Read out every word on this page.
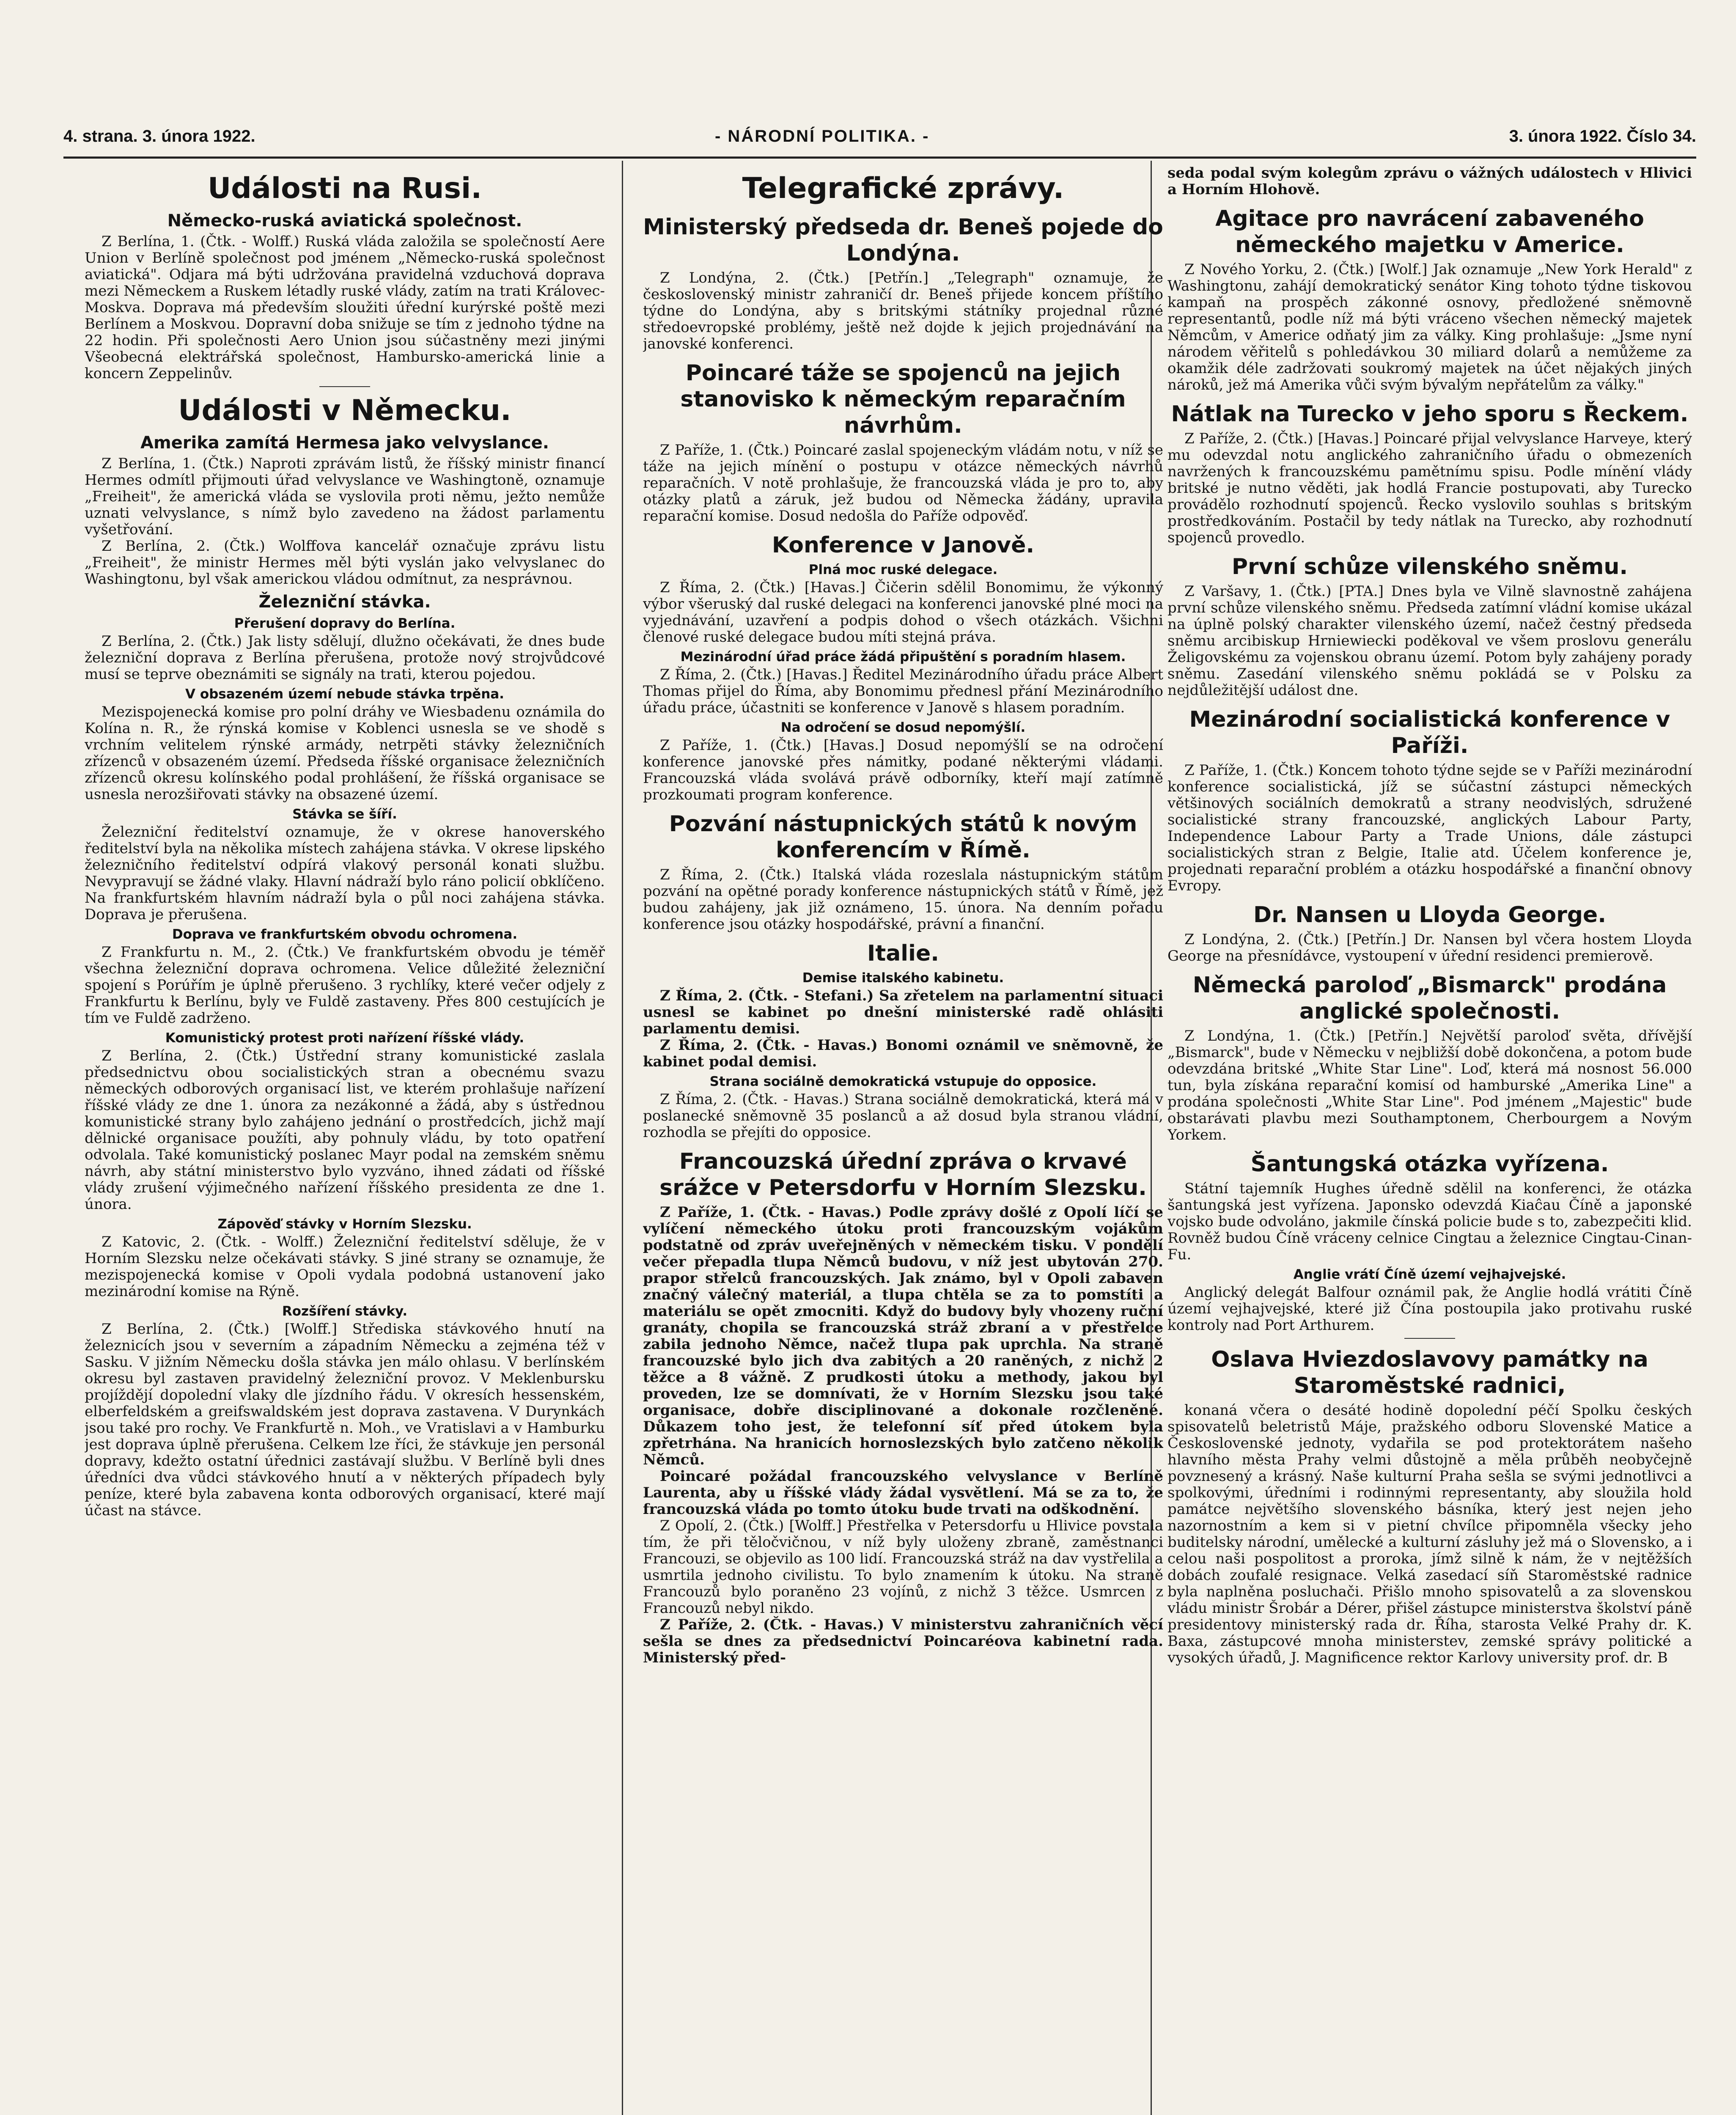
4. strana. 3. února 1922.	- NÁRODNÍ POLITIKA. -	3. února 1922. Číslo 34.
Události na Rusi.
Německo-ruská aviatická společnost.

Z Berlína, 1. (Čtk. - Wolff.) Ruská vláda založila se společností Aere Union v Berlíně společnost pod jménem „Německo-ruská společnost aviatická". Odjara má býti udržována pravidelná vzduchová doprava mezi Německem a Ruskem létadly ruské vlády, zatím na trati Královec-Moskva. Doprava má především sloužiti úřední kurýrské poště mezi Berlínem a Moskvou. Dopravní doba snižuje se tím z jednoho týdne na 22 hodin. Při společnosti Aero Union jsou súčastněny mezi jinými Všeobecná elektrářská společnost, Hambursko-americká linie a koncern Zeppelinův.

Události v Německu.
Amerika zamítá Hermesa jako velvyslance.

Z Berlína, 1. (Čtk.) Naproti zprávám listů, že říšský ministr financí Hermes odmítl přijmouti úřad velvyslance ve Washingtoně, oznamuje „Freiheit", že americká vláda se vyslovila proti němu, ježto nemůže uznati velvyslance, s nímž bylo zavedeno na žádost parlamentu vyšetřování.

Z Berlína, 2. (Čtk.) Wolffova kancelář označuje zprávu listu „Freiheit", že ministr Hermes měl býti vyslán jako velvyslanec do Washingtonu, byl však americkou vládou odmítnut, za nesprávnou.

Železniční stávka.
Přerušení dopravy do Berlína.

Z Berlína, 2. (Čtk.) Jak listy sdělují, dlužno očekávati, že dnes bude železniční doprava z Berlína přerušena, protože nový strojvůdcové musí se teprve obeznámiti se signály na trati, kterou pojedou.

V obsazeném území nebude stávka trpěna.

Mezispojenecká komise pro polní dráhy ve Wiesbadenu oznámila do Kolína n. R., že rýnská komise v Koblenci usnesla se ve shodě s vrchním velitelem rýnské armády, netrpěti stávky železničních zřízenců v obsazeném území. Předseda říšské organisace železničních zřízenců okresu kolínského podal prohlášení, že říšská organisace se usnesla nerozšiřovati stávky na obsazené území.

Stávka se šíří.

Železniční ředitelství oznamuje, že v okrese hanoverského ředitelství byla na několika místech zahájena stávka. V okrese lipského železničního ředitelství odpírá vlakový personál konati službu. Nevypravují se žádné vlaky. Hlavní nádraží bylo ráno policií obklíčeno. Na frankfurtském hlavním nádraží byla o půl noci zahájena stávka. Doprava je přerušena.

Doprava ve frankfurtském obvodu ochromena.

Z Frankfurtu n. M., 2. (Čtk.) Ve frankfurtském obvodu je téměř všechna železniční doprava ochromena. Velice důležité železniční spojení s Porúřím je úplně přerušeno. 3 rychlíky, které večer odjely z Frankfurtu k Berlínu, byly ve Fuldě zastaveny. Přes 800 cestujících je tím ve Fuldě zadrženo.

Komunistický protest proti nařízení říšské vlády.

Z Berlína, 2. (Čtk.) Ústřední strany komunistické zaslala předsednictvu obou socialistických stran a obecnému svazu německých odborových organisací list, ve kterém prohlašuje nařízení říšské vlády ze dne 1. února za nezákonné a žádá, aby s ústřednou komunistické strany bylo zahájeno jednání o prostředcích, jichž mají dělnické organisace použíti, aby pohnuly vládu, by toto opatření odvolala. Také komunistický poslanec Mayr podal na zemském sněmu návrh, aby státní ministerstvo bylo vyzváno, ihned zádati od říšské vlády zrušení výjimečného nařízení říšského presidenta ze dne 1. února.

Zápověď stávky v Horním Slezsku.

Z Katovic, 2. (Čtk. - Wolff.) Železniční ředitelství sděluje, že v Horním Slezsku nelze očekávati stávky. S jiné strany se oznamuje, že mezispojenecká komise v Opoli vydala podobná ustanovení jako mezinárodní komise na Rýně.

Rozšíření stávky.

Z Berlína, 2. (Čtk.) [Wolff.] Střediska stávkového hnutí na železnicích jsou v severním a západním Německu a zejména též v Sasku. V jižním Německu došla stávka jen málo ohlasu. V berlínském okresu byl zastaven pravidelný železniční provoz. V Meklenbursku projíždějí dopolední vlaky dle jízdního řádu. V okresích hessenském, elberfeldském a greifswaldském jest doprava zastavena. V Durynkách jsou také pro rochy. Ve Frankfurtě n. Moh., ve Vratislavi a v Hamburku jest doprava úplně přerušena. Celkem lze říci, že stávkuje jen personál dopravy, kdežto ostatní úřednici zastávají službu. V Berlíně byli dnes úředníci dva vůdci stávkového hnutí a v některých případech byly peníze, které byla zabavena konta odborových organisací, které mají účast na stávce.

Telegrafické zprávy.
Ministerský předseda dr. Beneš pojede do Londýna.

Z Londýna, 2. (Čtk.) [Petřín.] „Telegraph" oznamuje, že československý ministr zahraničí dr. Beneš přijede koncem příštího týdne do Londýna, aby s britskými státníky projednal různé středoevropské problémy, ještě než dojde k jejich projednávání na janovské konferenci.

Poincaré táže se spojenců na jejich stanovisko k německým reparačním návrhům.

Z Paříže, 1. (Čtk.) Poincaré zaslal spojeneckým vládám notu, v níž se táže na jejich mínění o postupu v otázce německých návrhů reparačních. V notě prohlašuje, že francouzská vláda je pro to, aby otázky platů a záruk, jež budou od Německa žádány, upravila reparační komise. Dosud nedošla do Paříže odpověď.

Konference v Janově.
Plná moc ruské delegace.

Z Říma, 2. (Čtk.) [Havas.] Čičerin sdělil Bonomimu, že výkonný výbor všeruský dal ruské delegaci na konferenci janovské plné moci na vyjednávání, uzavření a podpis dohod o všech otázkách. Všichni členové ruské delegace budou míti stejná práva.

Mezinárodní úřad práce žádá připuštění s poradním hlasem.

Z Říma, 2. (Čtk.) [Havas.] Ředitel Mezinárodního úřadu práce Albert Thomas přijel do Říma, aby Bonomimu přednesl přání Mezinárodního úřadu práce, účastniti se konference v Janově s hlasem poradním.

Na odročení se dosud nepomýšlí.

Z Paříže, 1. (Čtk.) [Havas.] Dosud nepomýšlí se na odročení konference janovské přes námitky, podané některými vládami. Francouzská vláda svolává právě odborníky, kteří mají zatímně prozkoumati program konference.

Pozvání nástupnických států k novým konferencím v Římě.

Z Říma, 2. (Čtk.) Italská vláda rozeslala nástupnickým státům pozvání na opětné porady konference nástupnických států v Římě, jež budou zahájeny, jak již oznámeno, 15. února. Na denním pořadu konference jsou otázky hospodářské, právní a finanční.

Italie.
Demise italského kabinetu.

Z Říma, 2. (Čtk. - Stefani.) Sa zřetelem na parlamentní situaci usnesl se kabinet po dnešní ministerské radě ohlásiti parlamentu demisi.

Z Říma, 2. (Čtk. - Havas.) Bonomi oznámil ve sněmovně, že kabinet podal demisi.

Strana sociálně demokratická vstupuje do opposice.

Z Říma, 2. (Čtk. - Havas.) Strana sociálně demokratická, která má v poslanecké sněmovně 35 poslanců a až dosud byla stranou vládní, rozhodla se přejíti do opposice.

Francouzská úřední zpráva o krvavé srážce v Petersdorfu v Horním Slezsku.

Z Paříže, 1. (Čtk. - Havas.) Podle zprávy došlé z Opolí líčí se vylíčení německého útoku proti francouzským vojákům podstatně od zpráv uveřejněných v německém tisku. V pondělí večer přepadla tlupa Němců budovu, v níž jest ubytován 270. prapor střelců francouzských. Jak známo, byl v Opoli zabaven značný válečný materiál, a tlupa chtěla se za to pomstíti a materiálu se opět zmocniti. Když do budovy byly vhozeny ruční granáty, chopila se francouzská stráž zbraní a v přestřelce zabila jednoho Němce, načež tlupa pak uprchla. Na straně francouzské bylo jich dva zabitých a 20 raněných, z nichž 2 těžce a 8 vážně. Z prudkosti útoku a methody, jakou byl proveden, lze se domnívati, že v Horním Slezsku jsou také organisace, dobře disciplinované a dokonale rozčleněné. Důkazem toho jest, že telefonní síť před útokem byla zpřetrhána. Na hranicích hornoslezských bylo zatčeno několik Němců.

Poincaré požádal francouzského velvyslance v Berlíně Laurenta, aby u říšské vlády žádal vysvětlení. Má se za to, že francouzská vláda po tomto útoku bude trvati na odškodnění.

Z Opolí, 2. (Čtk.) [Wolff.] Přestřelka v Petersdorfu u Hlivice povstala tím, že při těločvičnou, v níž byly uloženy zbraně, zaměstnanci Francouzi, se objevilo as 100 lidí. Francouzská stráž na dav vystřelila a usmrtila jednoho civilistu. To bylo znamením k útoku. Na straně Francouzů bylo poraněno 23 vojínů, z nichž 3 těžce. Usmrcen z Francouzů nebyl nikdo.

Z Paříže, 2. (Čtk. - Havas.) V ministerstvu zahraničních věcí sešla se dnes za předsednictví Poincaréova kabinetní rada. Ministerský před-

seda podal svým kolegům zprávu o vážných událostech v Hlivici a Horním Hlohově.

Agitace pro navrácení zabaveného německého majetku v Americe.

Z Nového Yorku, 2. (Čtk.) [Wolf.] Jak oznamuje „New York Herald" z Washingtonu, zahájí demokratický senátor King tohoto týdne tiskovou kampaň na prospěch zákonné osnovy, předložené sněmovně representantů, podle níž má býti vráceno všechen německý majetek Němcům, v Americe odňatý jim za války. King prohlašuje: „Jsme nyní národem věřitelů s pohledávkou 30 miliard dolarů a nemůžeme za okamžik déle zadržovati soukromý majetek na účet nějakých jiných nároků, jež má Amerika vůči svým bývalým nepřátelům za války."

Nátlak na Turecko v jeho sporu s Řeckem.

Z Paříže, 2. (Čtk.) [Havas.] Poincaré přijal velvyslance Harveye, který mu odevzdal notu anglického zahraničního úřadu o obmezeních navržených k francouzskému pamětnímu spisu. Podle mínění vlády britské je nutno věděti, jak hodlá Francie postupovati, aby Turecko provádělo rozhodnutí spojenců. Řecko vyslovilo souhlas s britským prostředkováním. Postačil by tedy nátlak na Turecko, aby rozhodnutí spojenců provedlo.

První schůze vilenského sněmu.

Z Varšavy, 1. (Čtk.) [PTA.] Dnes byla ve Vilně slavnostně zahájena první schůze vilenského sněmu. Předseda zatímní vládní komise ukázal na úplně polský charakter vilenského území, načež čestný předseda sněmu arcibiskup Hrniewiecki poděkoval ve všem proslovu generálu Želigovskému za vojenskou obranu území. Potom byly zahájeny porady sněmu. Zasedání vilenského sněmu pokládá se v Polsku za nejdůležitější událost dne.

Mezinárodní socialistická konference v Paříži.

Z Paříže, 1. (Čtk.) Koncem tohoto týdne sejde se v Paříži mezinárodní konference socialistická, jíž se súčastní zástupci německých většinových sociálních demokratů a strany neodvislých, sdružené socialistické strany francouzské, anglických Labour Party, Independence Labour Party a Trade Unions, dále zástupci socialistických stran z Belgie, Italie atd. Účelem konference je, projednati reparační problém a otázku hospodářské a finanční obnovy Evropy.

Dr. Nansen u Lloyda George.

Z Londýna, 2. (Čtk.) [Petřín.] Dr. Nansen byl včera hostem Lloyda George na přesnídávce, vystoupení v úřední residenci premierově.

Německá paroloď „Bismarck" prodána anglické společnosti.

Z Londýna, 1. (Čtk.) [Petřín.] Největší paroloď světa, dřívější „Bismarck", bude v Německu v nejbližší době dokončena, a potom bude odevzdána britské „White Star Line". Loď, která má nosnost 56.000 tun, byla získána reparační komisí od hamburské „Amerika Line" a prodána společnosti „White Star Line". Pod jménem „Majestic" bude obstarávati plavbu mezi Southamptonem, Cherbourgem a Novým Yorkem.

Šantungská otázka vyřízena.

Státní tajemník Hughes úředně sdělil na konferenci, že otázka šantungská jest vyřízena. Japonsko odevzdá Kiaĉau Číně a japonské vojsko bude odvoláno, jakmile čínská policie bude s to, zabezpečiti klid. Rovněž budou Číně vráceny celnice Cingtau a železnice Cingtau-Cinan-Fu.

Anglie vrátí Číně území vejhajvejské.

Anglický delegát Balfour oznámil pak, že Anglie hodlá vrátiti Číně území vejhajvejské, které již Čína postoupila jako protivahu ruské kontroly nad Port Arthurem.

Oslava Hviezdoslavovy památky na Staroměstské radnici,

konaná včera o desáté hodině dopolední péčí Spolku českých spisovatelů beletristů Máje, pražského odboru Slovenské Matice a Československé jednoty, vydařila se pod protektorátem našeho hlavního města Prahy velmi důstojně a měla průběh neobyčejně povznesený a krásný. Naše kulturní Praha sešla se svými jednotlivci a spolkovými, úředními i rodinnými representanty, aby sloužila hold památce největšího slovenského básníka, který jest nejen jeho nazornostním a kem si v pietní chvílce připomněla všecky jeho buditelsky národní, umělecké a kulturní zásluhy jež má o Slovensko, a i celou naši pospolitost a proroka, jímž silně k nám, že v nejtěžších dobách zoufalé resignace. Velká zasedací síň Staroměstské radnice byla naplněna posluchači. Přišlo mnoho spisovatelů a za slovenskou vládu ministr Šrobár a Dérer, přišel zástupce ministerstva školství páně presidentovy ministerský rada dr. Říha, starosta Velké Prahy dr. K. Baxa, zástupcové mnoha ministerstev, zemské správy politické a vysokých úřadů, J. Magnificence rektor Karlovy university prof. dr. B
